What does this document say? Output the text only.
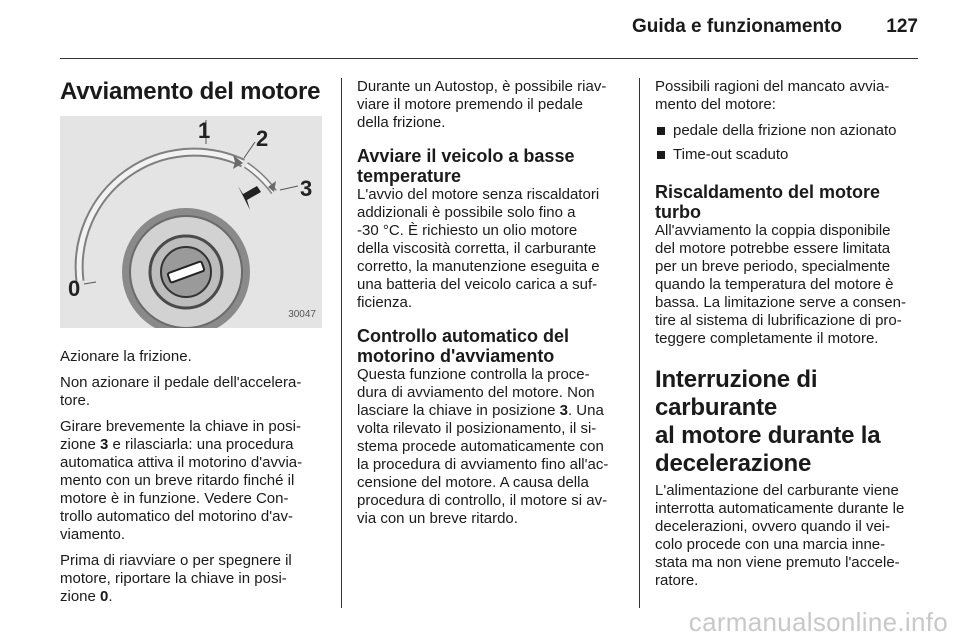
Guida e funzionamento 127
Avviamento del motore
1 2
3
0
30047

Azionare la frizione.

Non azionare il pedale dell'accelera-
tore.

Girare brevemente la chiave in posi-
zione 3 e rilasciarla: una procedura
automatica attiva il motorino d'avvia-
mento con un breve ritardo finché il
motore è in funzione. Vedere Con-
trollo automatico del motorino d'av-
viamento.

Prima di riavviare o per spegnere il
motore, riportare la chiave in posi-
zione 0.

Durante un Autostop, è possibile riav-
viare il motore premendo il pedale
della frizione.

Avviare il veicolo a basse
temperature

L'avvio del motore senza riscaldatori
addizionali è possibile solo fino a
-30 °C. È richiesto un olio motore
della viscosità corretta, il carburante
corretto, la manutenzione eseguita e
una batteria del veicolo carica a suf-
ficienza.

Controllo automatico del
motorino d'avviamento

Questa funzione controlla la proce-
dura di avviamento del motore. Non
lasciare la chiave in posizione 3. Una
volta rilevato il posizionamento, il si-
stema procede automaticamente con
la procedura di avviamento fino all'ac-
censione del motore. A causa della
procedura di controllo, il motore si av-
via con un breve ritardo.

Possibili ragioni del mancato avvia-
mento del motore:

pedale della frizione non azionato
Time-out scaduto
Riscaldamento del motore turbo

All'avviamento la coppia disponibile
del motore potrebbe essere limitata
per un breve periodo, specialmente
quando la temperatura del motore è
bassa. La limitazione serve a consen-
tire al sistema di lubrificazione di pro-
teggere completamente il motore.

Interruzione di carburante
al motore durante la
decelerazione

L'alimentazione del carburante viene
interrotta automaticamente durante le
decelerazioni, ovvero quando il vei-
colo procede con una marcia inne-
stata ma non viene premuto l'accele-
ratore.

carmanualsonline.info
